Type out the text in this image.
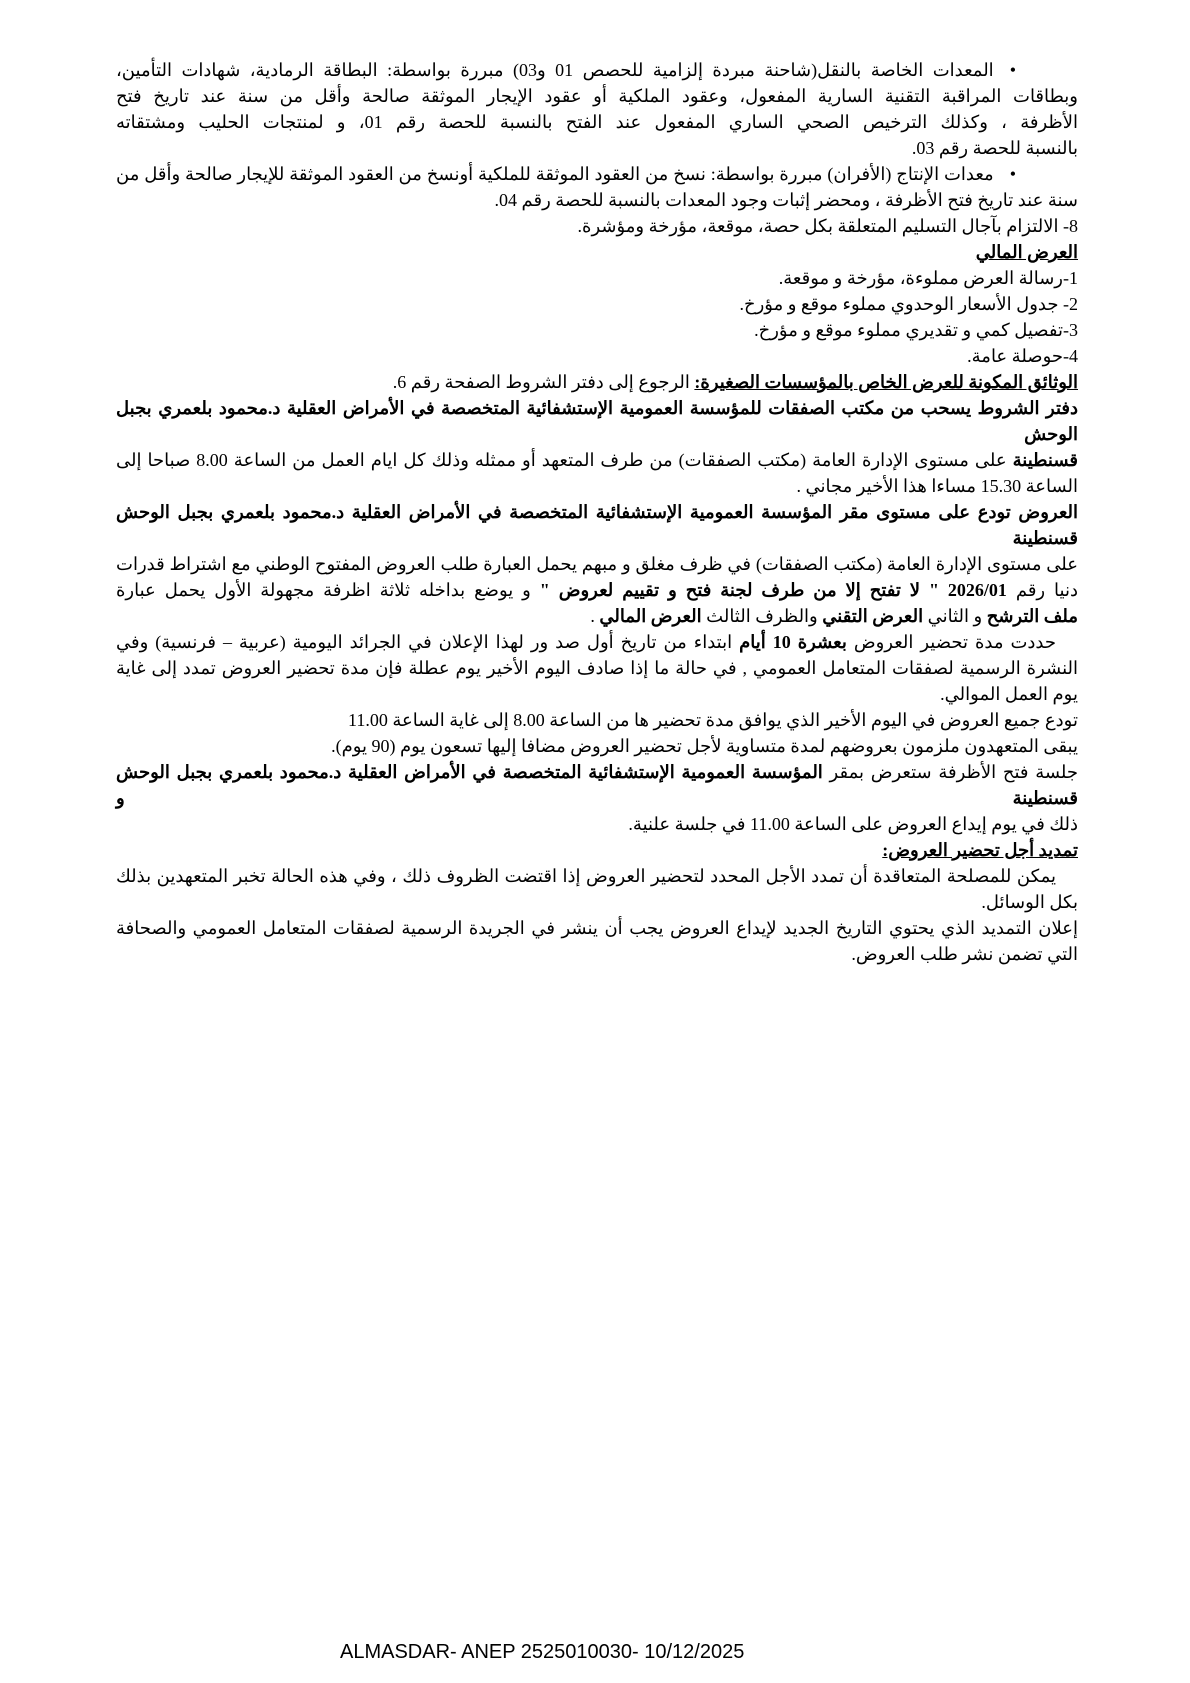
•المعدات الخاصة بالنقل(شاحنة مبردة إلزامية للحصص 01 و03) مبررة بواسطة: البطاقة الرمادية، شهادات التأمين،
وبطاقات المراقبة التقنية السارية المفعول، وعقود الملكية أو عقود الإيجار الموثقة صالحة وأقل من سنة عند تاريخ فتح
الأظرفة ، وكذلك الترخيص الصحي الساري المفعول عند الفتح بالنسبة للحصة رقم 01، و لمنتجات الحليب ومشتقاته
بالنسبة للحصة رقم 03.
•معدات الإنتاج (الأفران) مبررة بواسطة: نسخ من العقود الموثقة للملكية أونسخ من العقود الموثقة للإيجار صالحة وأقل من
سنة عند تاريخ فتح الأظرفة ، ومحضر إثبات وجود المعدات بالنسبة للحصة رقم 04.
8- الالتزام بآجال التسليم المتعلقة بكل حصة، موقعة، مؤرخة ومؤشرة.
العرض المالي
1-رسالة العرض مملوءة، مؤرخة و موقعة.
2- جدول الأسعار الوحدوي مملوء موقع و مؤرخ.
3-تفصيل كمي و تقديري مملوء موقع و مؤرخ.
4-حوصلة عامة.
الوثائق المكونة للعرض الخاص بالمؤسسات الصغيرة: الرجوع إلى دفتر الشروط الصفحة رقم 6.
دفتر الشروط يسحب من مكتب الصفقات للمؤسسة العمومية الإستشفائية المتخصصة في الأمراض العقلية د.محمود بلعمري بجبل الوحش
قسنطينة على مستوى الإدارة العامة (مكتب الصفقات) من طرف المتعهد أو ممثله وذلك كل ايام العمل من الساعة 8.00 صباحا إلى
الساعة 15.30 مساءا هذا الأخير مجاني .
العروض تودع على مستوى مقر المؤسسة العمومية الإستشفائية المتخصصة في الأمراض العقلية د.محمود بلعمري بجبل الوحش قسنطينة
على مستوى الإدارة العامة (مكتب الصفقات) في ظرف مغلق و مبهم يحمل العبارة طلب العروض المفتوح الوطني مع اشتراط قدرات
دنيا رقم 2026/01 " لا تفتح إلا من طرف لجنة فتح و تقييم لعروض " و يوضع بداخله ثلاثة اظرفة مجهولة الأول يحمل عبارة
ملف الترشح و الثاني العرض التقني والظرف الثالث العرض المالي .
حددت مدة تحضير العروض بعشرة 10 أيام ابتداء من تاريخ أول صد ور لهذا الإعلان في الجرائد اليومية (عربية – فرنسية) وفي
النشرة الرسمية لصفقات المتعامل العمومي , في حالة ما إذا صادف اليوم الأخير يوم عطلة فإن مدة تحضير العروض تمدد إلى غاية
يوم العمل الموالي.
تودع جميع العروض في اليوم الأخير الذي يوافق مدة تحضير ها من الساعة 8.00 إلى غاية الساعة 11.00
يبقى المتعهدون ملزمون بعروضهم لمدة متساوية لأجل تحضير العروض مضافا إليها تسعون يوم (90 يوم).
جلسة فتح الأظرفة ستعرض بمقر المؤسسة العمومية الإستشفائية المتخصصة في الأمراض العقلية د.محمود بلعمري بجبل الوحش قسنطينة و
ذلك في يوم إيداع العروض على الساعة 11.00 في جلسة علنية.
تمديد أجل تحضير العروض:
يمكن للمصلحة المتعاقدة أن تمدد الأجل المحدد لتحضير العروض إذا اقتضت الظروف ذلك ، وفي هذه الحالة تخبر المتعهدين بذلك
بكل الوسائل.
إعلان التمديد الذي يحتوي التاريخ الجديد لإيداع العروض يجب أن ينشر في الجريدة الرسمية لصفقات المتعامل العمومي والصحافة
التي تضمن نشر طلب العروض.
ALMASDAR- ANEP 2525010030- 10/12/2025
